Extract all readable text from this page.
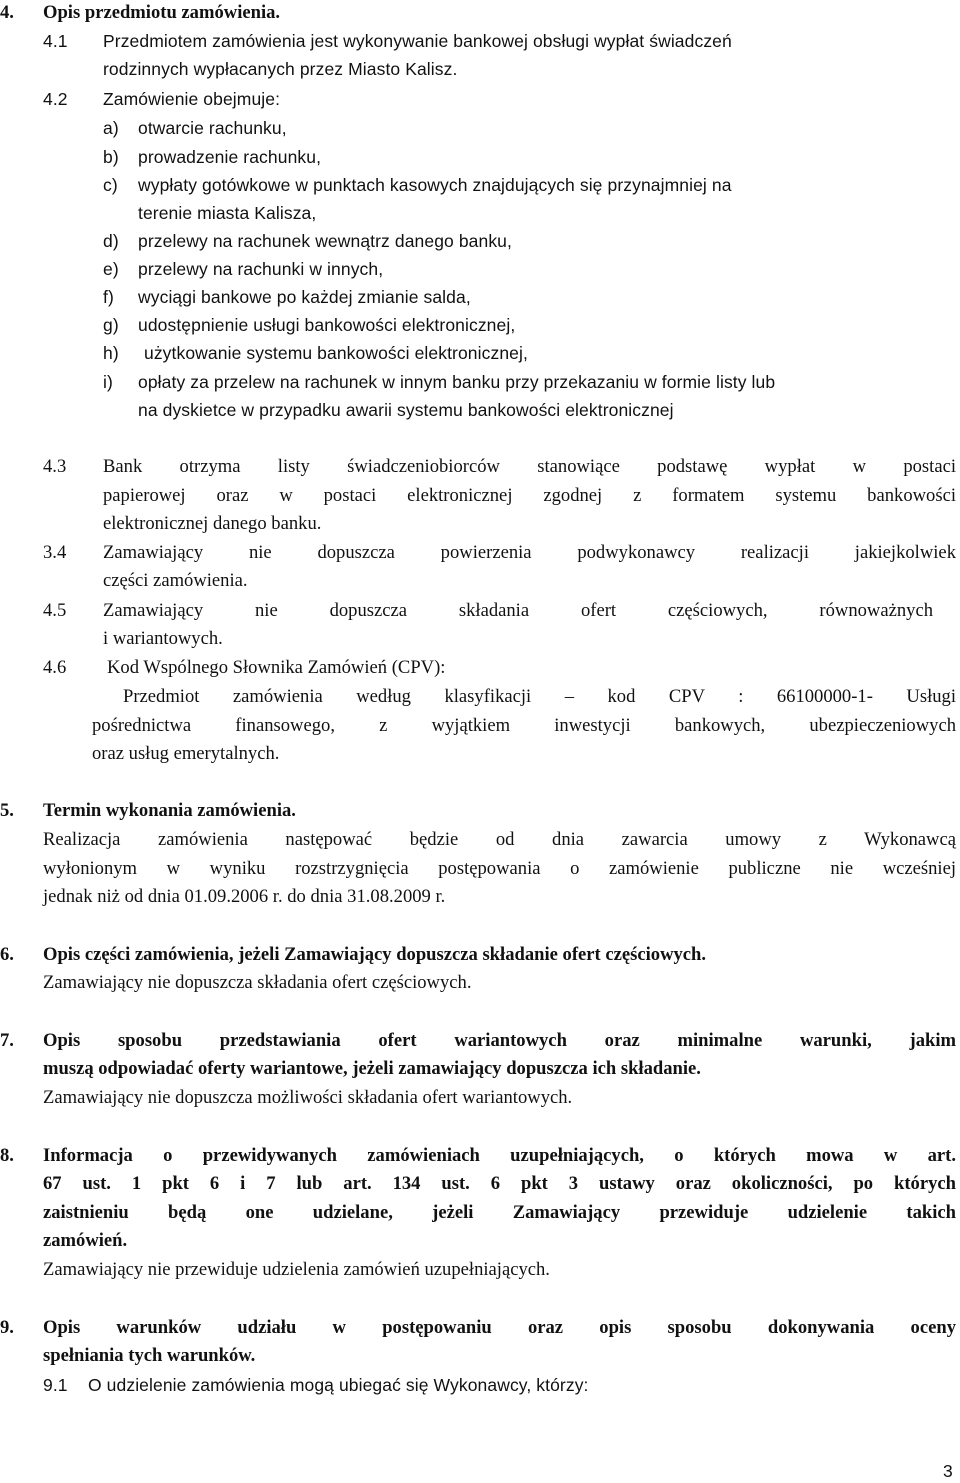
4. Opis przedmiotu zamówienia.
4.1 Przedmiotem zamówienia jest wykonywanie bankowej obsługi wypłat świadczeń
rodzinnych wypłacanych przez Miasto Kalisz.
4.2 Zamówienie obejmuje:
a) otwarcie rachunku,
b) prowadzenie rachunku,
c) wypłaty gotówkowe w punktach kasowych znajdujących się przynajmniej na
terenie miasta Kalisza,
d) przelewy na rachunek wewnątrz danego banku,
e) przelewy na rachunki w innych,
f) wyciągi bankowe po każdej zmianie salda,
g) udostępnienie usługi bankowości elektronicznej,
h) użytkowanie systemu bankowości elektronicznej,
i) opłaty za przelew na rachunek w innym banku przy przekazaniu w formie listy lub
na dyskietce w przypadku awarii systemu bankowości elektronicznej
4.3 Bank otrzyma listy świadczeniobiorców stanowiące podstawę wypłat w postaci
papierowej oraz w postaci elektronicznej zgodnej z formatem systemu bankowości
elektronicznej danego banku.
3.4 Zamawiający nie dopuszcza powierzenia podwykonawcy realizacji jakiejkolwiek
części zamówienia.
4.5 Zamawiający nie dopuszcza składania ofert częściowych, równoważnych
i wariantowych.
4.6 Kod Wspólnego Słownika Zamówień (CPV):
Przedmiot zamówienia według klasyfikacji – kod CPV : 66100000-1- Usługi
pośrednictwa finansowego, z wyjątkiem inwestycji bankowych, ubezpieczeniowych
oraz usług emerytalnych.
5. Termin wykonania zamówienia.
Realizacja zamówienia następować będzie od dnia zawarcia umowy z Wykonawcą
wyłonionym w wyniku rozstrzygnięcia postępowania o zamówienie publiczne nie wcześniej
jednak niż od dnia 01.09.2006 r. do dnia 31.08.2009 r.
6. Opis części zamówienia, jeżeli Zamawiający dopuszcza składanie ofert częściowych.
Zamawiający nie dopuszcza składania ofert częściowych.
7. Opis sposobu przedstawiania ofert wariantowych oraz minimalne warunki, jakim
muszą odpowiadać oferty wariantowe, jeżeli zamawiający dopuszcza ich składanie.
Zamawiający nie dopuszcza możliwości składania ofert wariantowych.
8. Informacja o przewidywanych zamówieniach uzupełniających, o których mowa w art.
67 ust. 1 pkt 6 i 7 lub art. 134 ust. 6 pkt 3 ustawy oraz okoliczności, po których
zaistnieniu będą one udzielane, jeżeli Zamawiający przewiduje udzielenie takich
zamówień.
Zamawiający nie przewiduje udzielenia zamówień uzupełniających.
9. Opis warunków udziału w postępowaniu oraz opis sposobu dokonywania oceny
spełniania tych warunków.
9.1 O udzielenie zamówienia mogą ubiegać się Wykonawcy, którzy:
3
